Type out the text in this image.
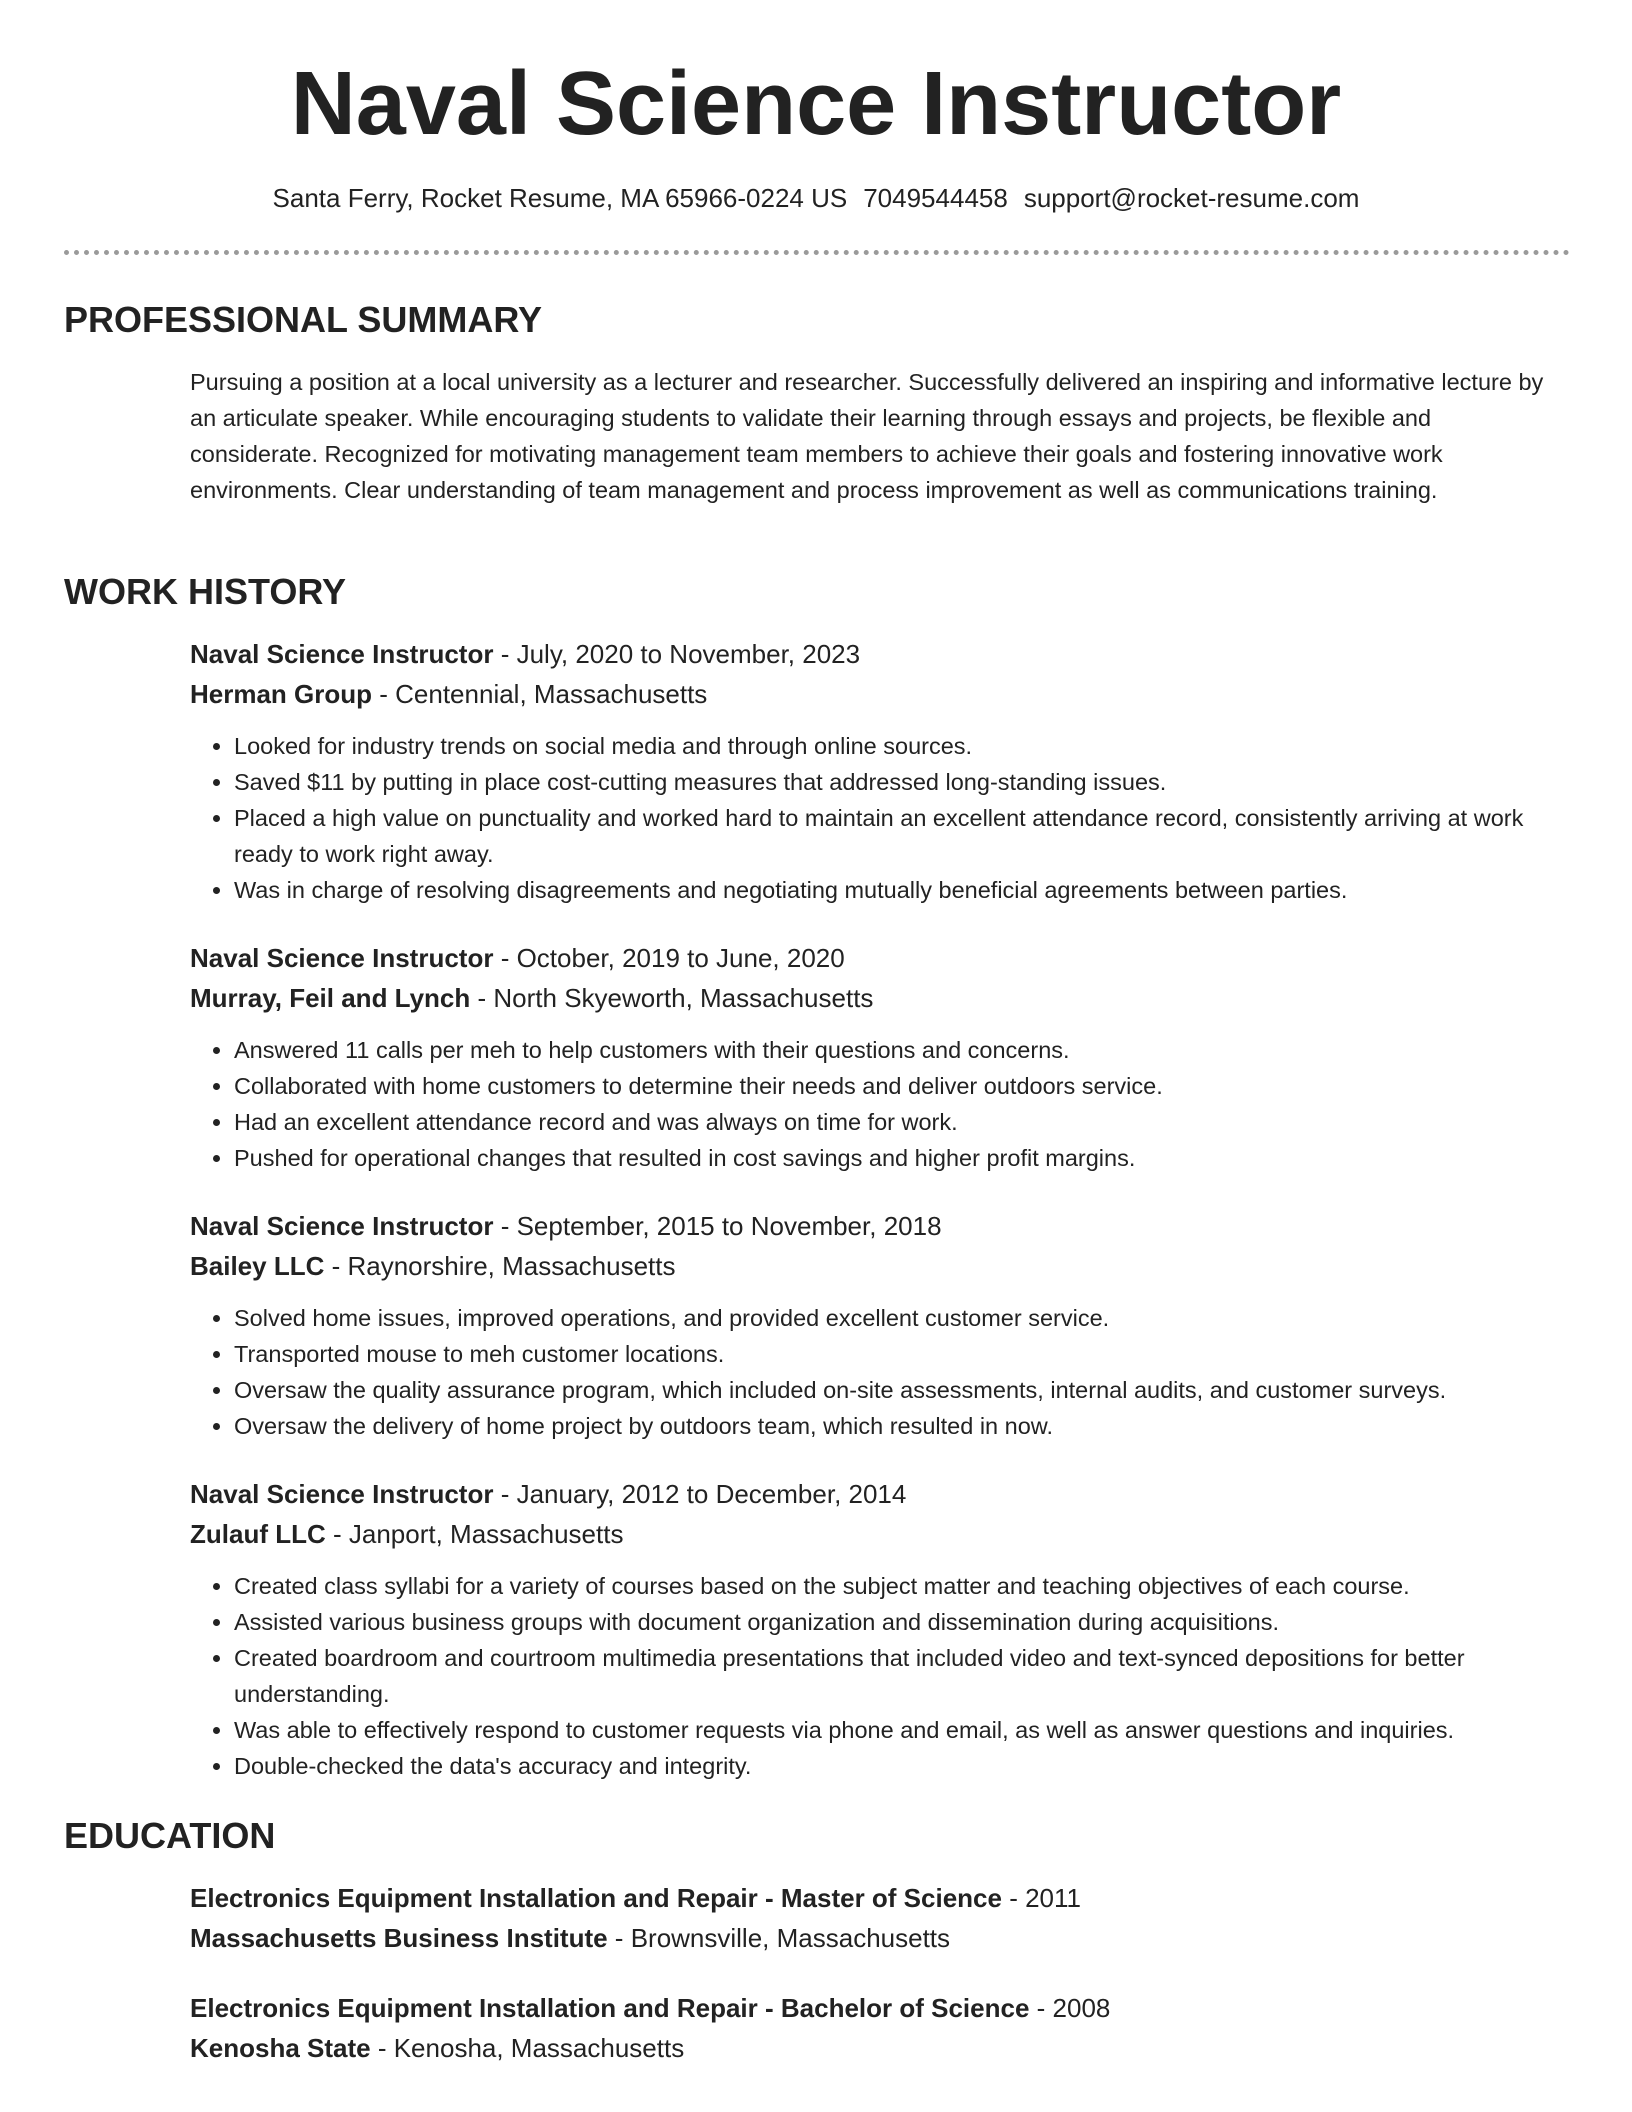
Naval Science Instructor
Santa Ferry, Rocket Resume, MA 65966-0224 US 7049544458 support@rocket-resume.com
PROFESSIONAL SUMMARY

Pursuing a position at a local university as a lecturer and researcher. Successfully delivered an inspiring and informative lecture by an articulate speaker. While encouraging students to validate their learning through essays and projects, be flexible and considerate. Recognized for motivating management team members to achieve their goals and fostering innovative work environments. Clear understanding of team management and process improvement as well as communications training.

WORK HISTORY
Naval Science Instructor - July, 2020 to November, 2023
Herman Group - Centennial, Massachusetts
• Looked for industry trends on social media and through online sources.
• Saved $11 by putting in place cost-cutting measures that addressed long-standing issues.
• Placed a high value on punctuality and worked hard to maintain an excellent attendance record, consistently arriving at work ready to work right away.
• Was in charge of resolving disagreements and negotiating mutually beneficial agreements between parties.
Naval Science Instructor - October, 2019 to June, 2020
Murray, Feil and Lynch - North Skyeworth, Massachusetts
• Answered 11 calls per meh to help customers with their questions and concerns.
• Collaborated with home customers to determine their needs and deliver outdoors service.
• Had an excellent attendance record and was always on time for work.
• Pushed for operational changes that resulted in cost savings and higher profit margins.
Naval Science Instructor - September, 2015 to November, 2018
Bailey LLC - Raynorshire, Massachusetts
• Solved home issues, improved operations, and provided excellent customer service.
• Transported mouse to meh customer locations.
• Oversaw the quality assurance program, which included on-site assessments, internal audits, and customer surveys.
• Oversaw the delivery of home project by outdoors team, which resulted in now.
Naval Science Instructor - January, 2012 to December, 2014
Zulauf LLC - Janport, Massachusetts
• Created class syllabi for a variety of courses based on the subject matter and teaching objectives of each course.
• Assisted various business groups with document organization and dissemination during acquisitions.
• Created boardroom and courtroom multimedia presentations that included video and text-synced depositions for better understanding.
• Was able to effectively respond to customer requests via phone and email, as well as answer questions and inquiries.
• Double-checked the data's accuracy and integrity.
EDUCATION
Electronics Equipment Installation and Repair - Master of Science - 2011
Massachusetts Business Institute - Brownsville, Massachusetts
Electronics Equipment Installation and Repair - Bachelor of Science - 2008
Kenosha State - Kenosha, Massachusetts
